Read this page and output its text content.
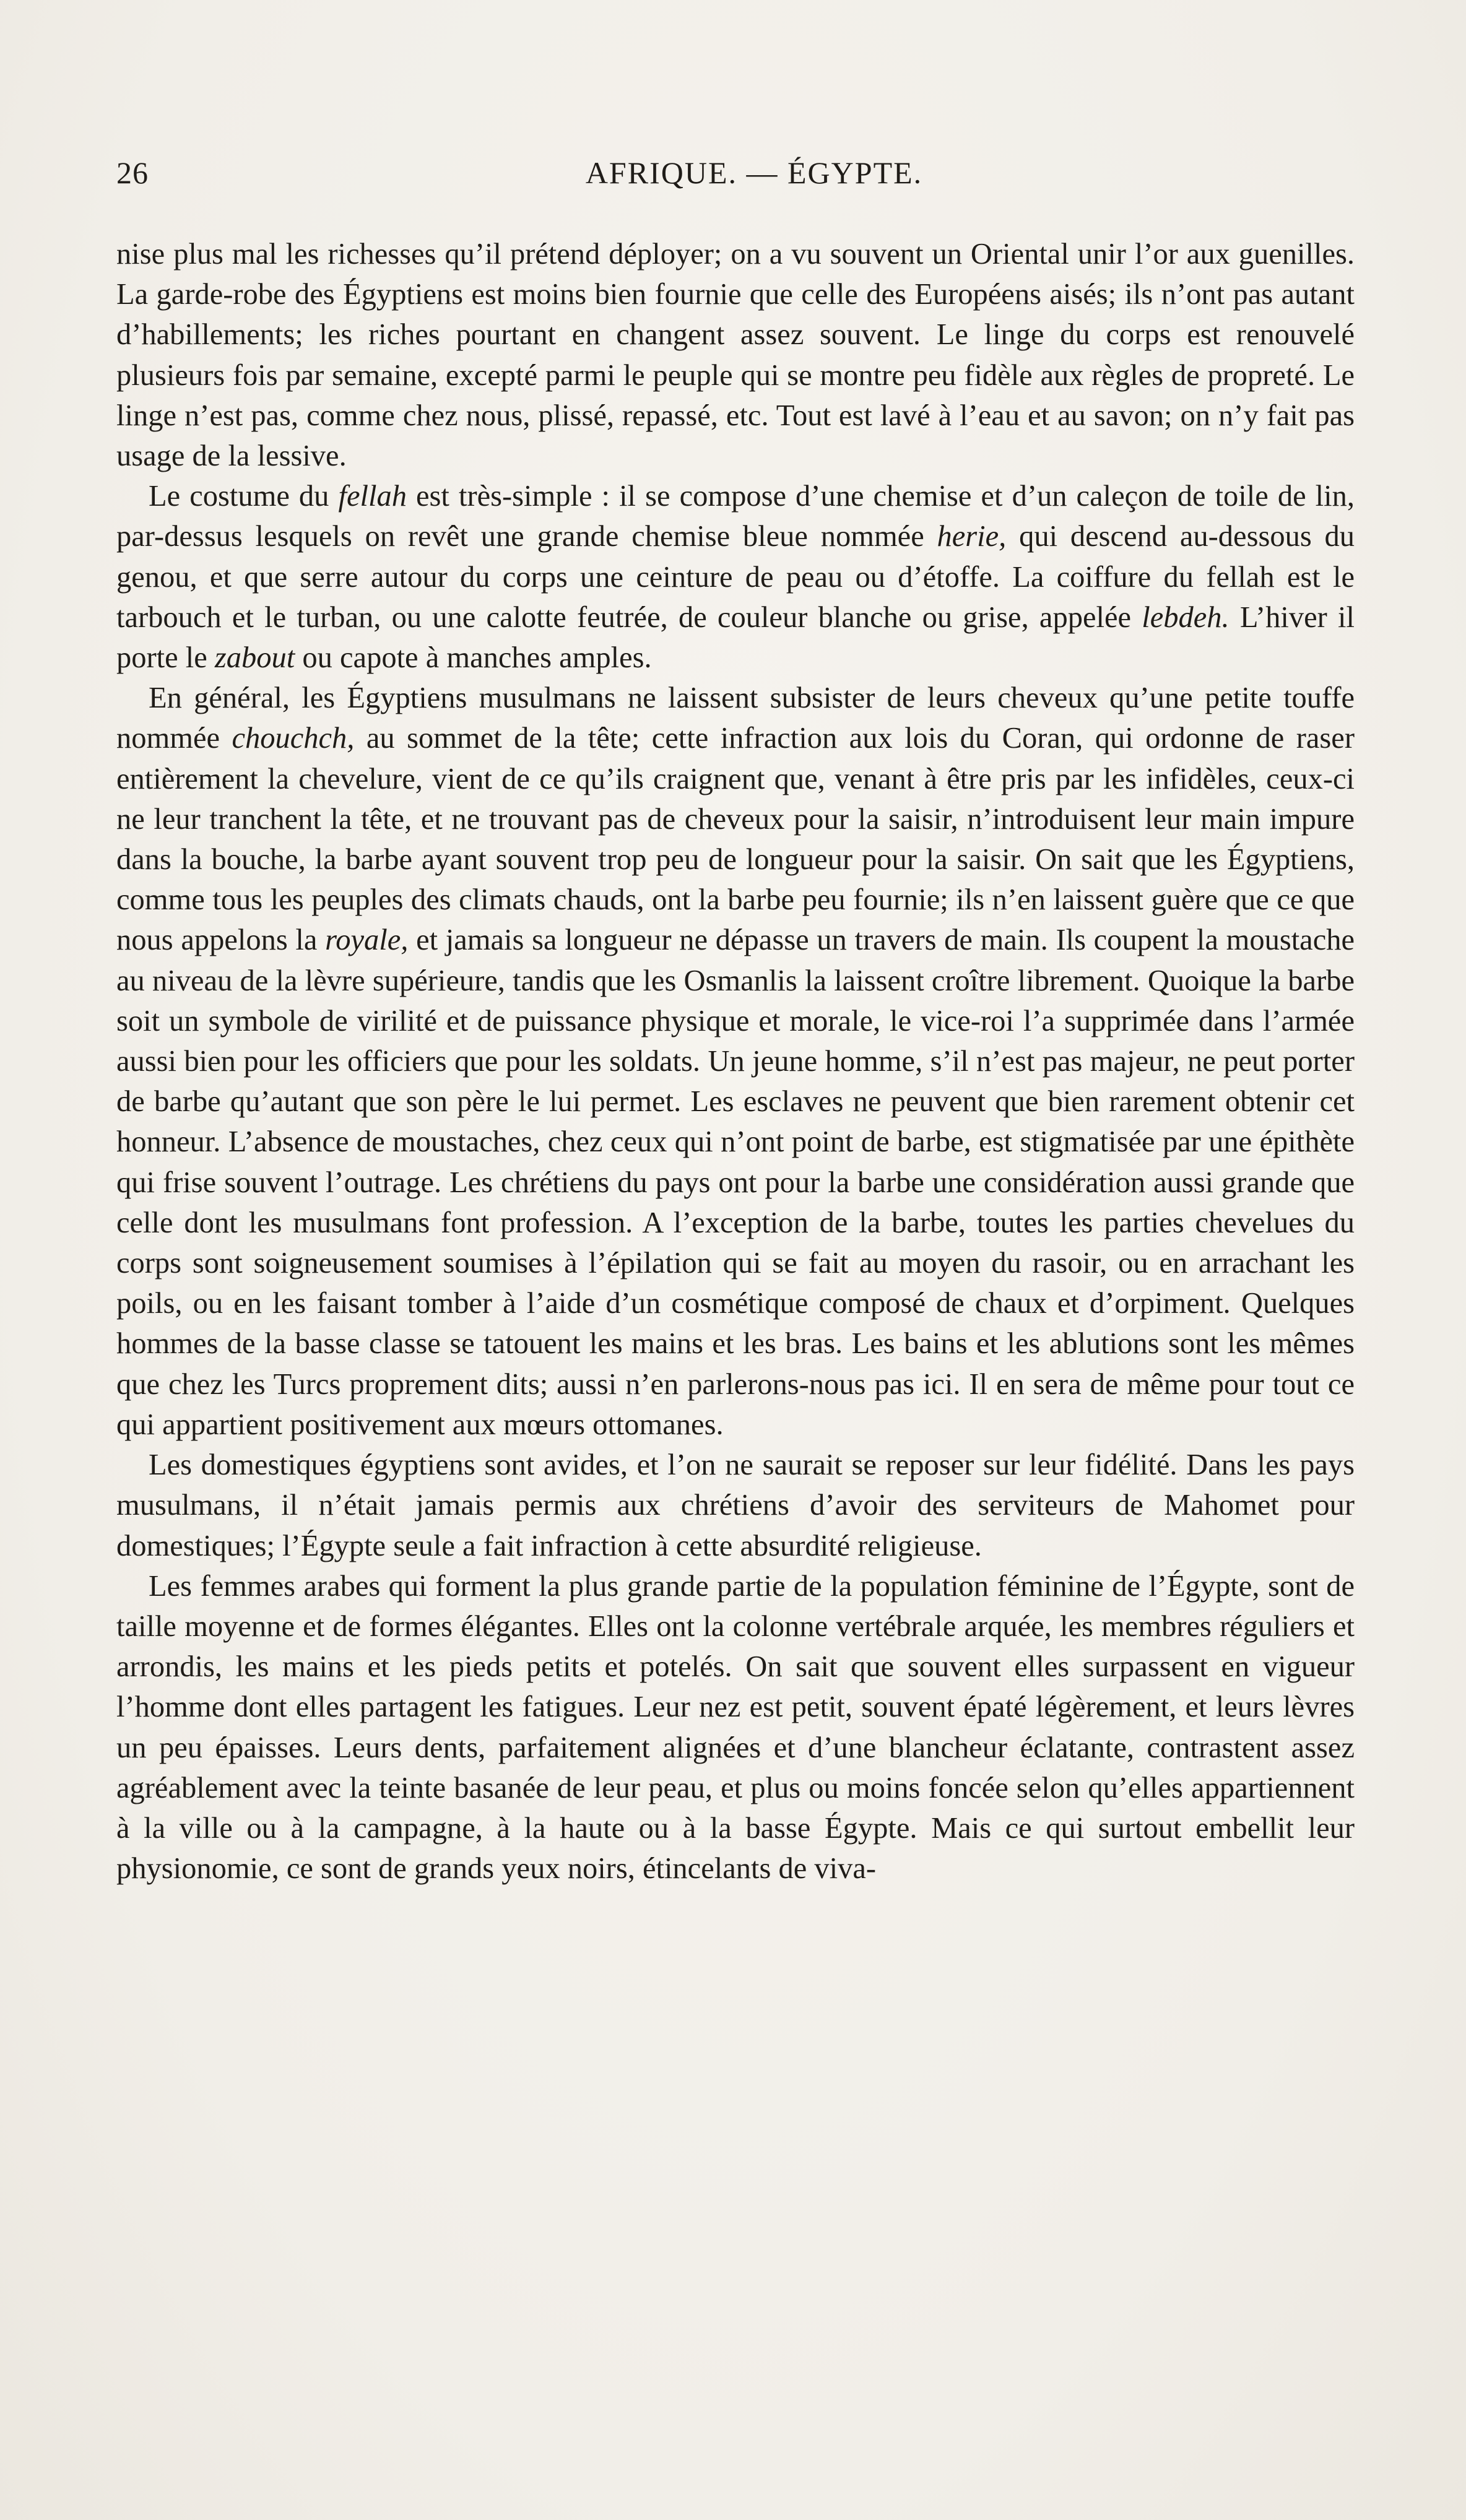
26	AFRIQUE. — ÉGYPTE.

nise plus mal les richesses qu’il prétend déployer; on a vu souvent un Oriental unir l’or aux guenilles. La garde-robe des Égyptiens est moins bien fournie que celle des Européens aisés; ils n’ont pas autant d’habillements; les riches pourtant en changent assez souvent. Le linge du corps est renouvelé plusieurs fois par semaine, excepté parmi le peuple qui se montre peu fidèle aux règles de propreté. Le linge n’est pas, comme chez nous, plissé, repassé, etc. Tout est lavé à l’eau et au savon; on n’y fait pas usage de la lessive.

Le costume du fellah est très-simple : il se compose d’une chemise et d’un caleçon de toile de lin, par-dessus lesquels on revêt une grande chemise bleue nommée herie, qui descend au-dessous du genou, et que serre autour du corps une ceinture de peau ou d’étoffe. La coiffure du fellah est le tarbouch et le turban, ou une calotte feutrée, de couleur blanche ou grise, appelée lebdeh. L’hiver il porte le zabout ou capote à manches amples.

En général, les Égyptiens musulmans ne laissent subsister de leurs cheveux qu’une petite touffe nommée chouchch, au sommet de la tête; cette infraction aux lois du Coran, qui ordonne de raser entièrement la chevelure, vient de ce qu’ils craignent que, venant à être pris par les infidèles, ceux-ci ne leur tranchent la tête, et ne trouvant pas de cheveux pour la saisir, n’introduisent leur main impure dans la bouche, la barbe ayant souvent trop peu de longueur pour la saisir. On sait que les Égyptiens, comme tous les peuples des climats chauds, ont la barbe peu fournie; ils n’en laissent guère que ce que nous appelons la royale, et jamais sa longueur ne dépasse un travers de main. Ils coupent la moustache au niveau de la lèvre supérieure, tandis que les Osmanlis la laissent croître librement. Quoique la barbe soit un symbole de virilité et de puissance physique et morale, le vice-roi l’a supprimée dans l’armée aussi bien pour les officiers que pour les soldats. Un jeune homme, s’il n’est pas majeur, ne peut porter de barbe qu’autant que son père le lui permet. Les esclaves ne peuvent que bien rarement obtenir cet honneur. L’absence de moustaches, chez ceux qui n’ont point de barbe, est stigmatisée par une épithète qui frise souvent l’outrage. Les chrétiens du pays ont pour la barbe une considération aussi grande que celle dont les musulmans font profession. A l’exception de la barbe, toutes les parties chevelues du corps sont soigneusement soumises à l’épilation qui se fait au moyen du rasoir, ou en arrachant les poils, ou en les faisant tomber à l’aide d’un cosmétique composé de chaux et d’orpiment. Quelques hommes de la basse classe se tatouent les mains et les bras. Les bains et les ablutions sont les mêmes que chez les Turcs proprement dits; aussi n’en parlerons-nous pas ici. Il en sera de même pour tout ce qui appartient positivement aux mœurs ottomanes.

Les domestiques égyptiens sont avides, et l’on ne saurait se reposer sur leur fidélité. Dans les pays musulmans, il n’était jamais permis aux chrétiens d’avoir des serviteurs de Mahomet pour domestiques; l’Égypte seule a fait infraction à cette absurdité religieuse.

Les femmes arabes qui forment la plus grande partie de la population féminine de l’Égypte, sont de taille moyenne et de formes élégantes. Elles ont la colonne vertébrale arquée, les membres réguliers et arrondis, les mains et les pieds petits et potelés. On sait que souvent elles surpassent en vigueur l’homme dont elles partagent les fatigues. Leur nez est petit, souvent épaté légèrement, et leurs lèvres un peu épaisses. Leurs dents, parfaitement alignées et d’une blancheur éclatante, contrastent assez agréablement avec la teinte basanée de leur peau, et plus ou moins foncée selon qu’elles appartiennent à la ville ou à la campagne, à la haute ou à la basse Égypte. Mais ce qui surtout embellit leur physionomie, ce sont de grands yeux noirs, étincelants de viva-
